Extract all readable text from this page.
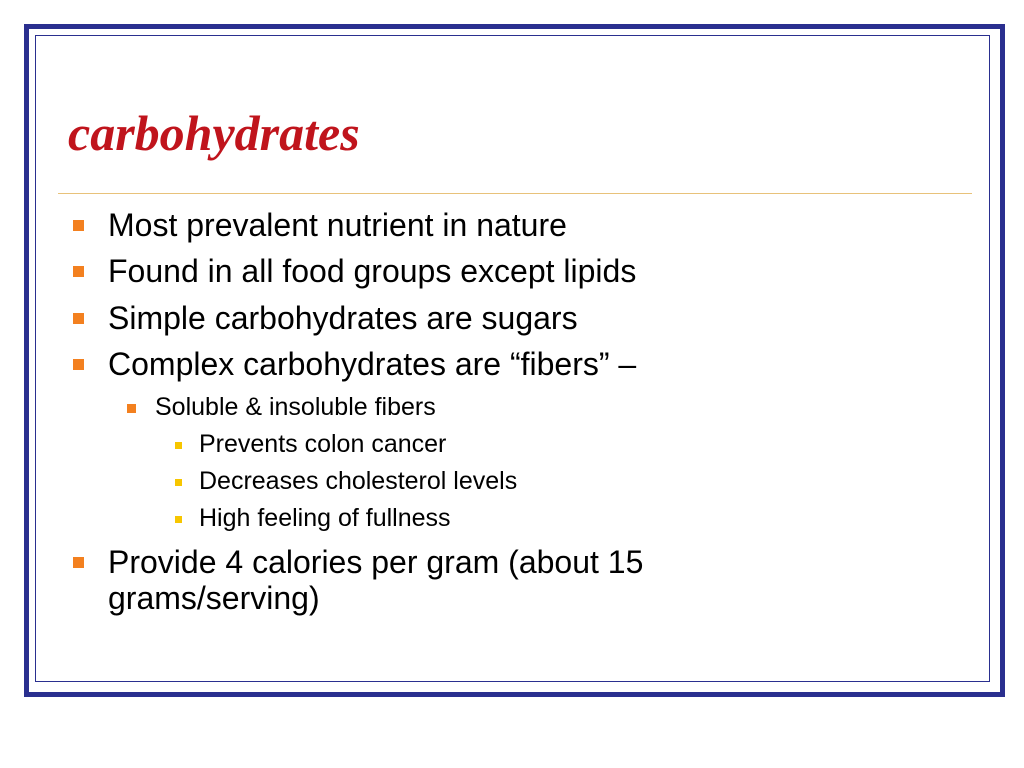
carbohydrates
Most prevalent nutrient in nature
Found in all food groups except lipids
Simple carbohydrates are sugars
Complex carbohydrates are “fibers” –
Soluble & insoluble fibers
Prevents colon cancer
Decreases cholesterol levels
High feeling of fullness
Provide 4 calories per gram (about 15 grams/serving)
